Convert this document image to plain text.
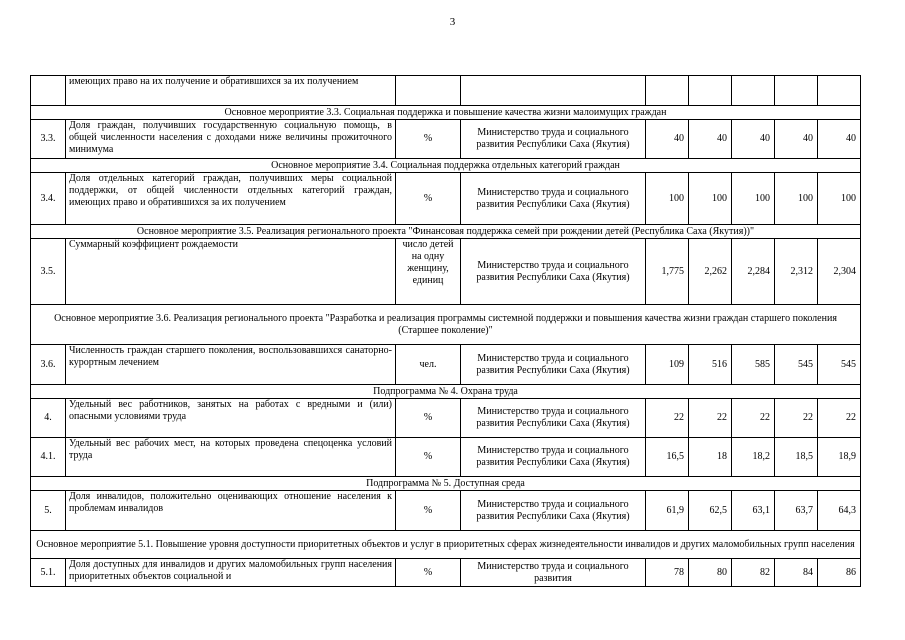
3
	имеющих право на их получение и обратившихся за их получением							
Основное мероприятие 3.3. Социальная поддержка и повышение качества жизни малоимущих граждан								
3.3.	Доля граждан, получивших государственную социальную помощь, в общей численности населения с доходами ниже величины прожиточного минимума	%	Министерство труда и социального развития Республики Саха (Якутия)	40	40	40	40	40
Основное мероприятие 3.4. Социальная поддержка отдельных категорий граждан								
3.4.	Доля отдельных категорий граждан, получивших меры социальной поддержки, от общей численности отдельных категорий граждан, имеющих право и обратившихся за их получением	%	Министерство труда и социального развития Республики Саха (Якутия)	100	100	100	100	100
Основное мероприятие 3.5. Реализация регионального проекта "Финансовая поддержка семей при рождении детей (Республика Саха (Якутия))"								
3.5.	Суммарный коэффициент рождаемости	число детей на одну женщину, единиц	Министерство труда и социального развития Республики Саха (Якутия)	1,775	2,262	2,284	2,312	2,304
Основное мероприятие 3.6. Реализация регионального проекта "Разработка и реализация программы системной поддержки и повышения качества жизни граждан старшего поколения (Старшее поколение)"								
3.6.	Численность граждан старшего поколения, воспользовавшихся санаторно-курортным лечением	чел.	Министерство труда и социального развития Республики Саха (Якутия)	109	516	585	545	545
Подпрограмма № 4. Охрана труда								
4.	Удельный вес работников, занятых на работах с вредными и (или) опасными условиями труда	%	Министерство труда и социального развития Республики Саха (Якутия)	22	22	22	22	22
4.1.	Удельный вес рабочих мест, на которых проведена спецоценка условий труда	%	Министерство труда и социального развития Республики Саха (Якутия)	16,5	18	18,2	18,5	18,9
Подпрограмма № 5. Доступная среда								
5.	Доля инвалидов, положительно оценивающих отношение населения к проблемам инвалидов	%	Министерство труда и социального развития Республики Саха (Якутия)	61,9	62,5	63,1	63,7	64,3
Основное мероприятие 5.1. Повышение уровня доступности приоритетных объектов и услуг в приоритетных сферах жизнедеятельности инвалидов и других маломобильных групп населения								
5.1.	Доля доступных для инвалидов и других маломобильных групп населения приоритетных объектов социальной и	%	Министерство труда и социального развития	78	80	82	84	86
